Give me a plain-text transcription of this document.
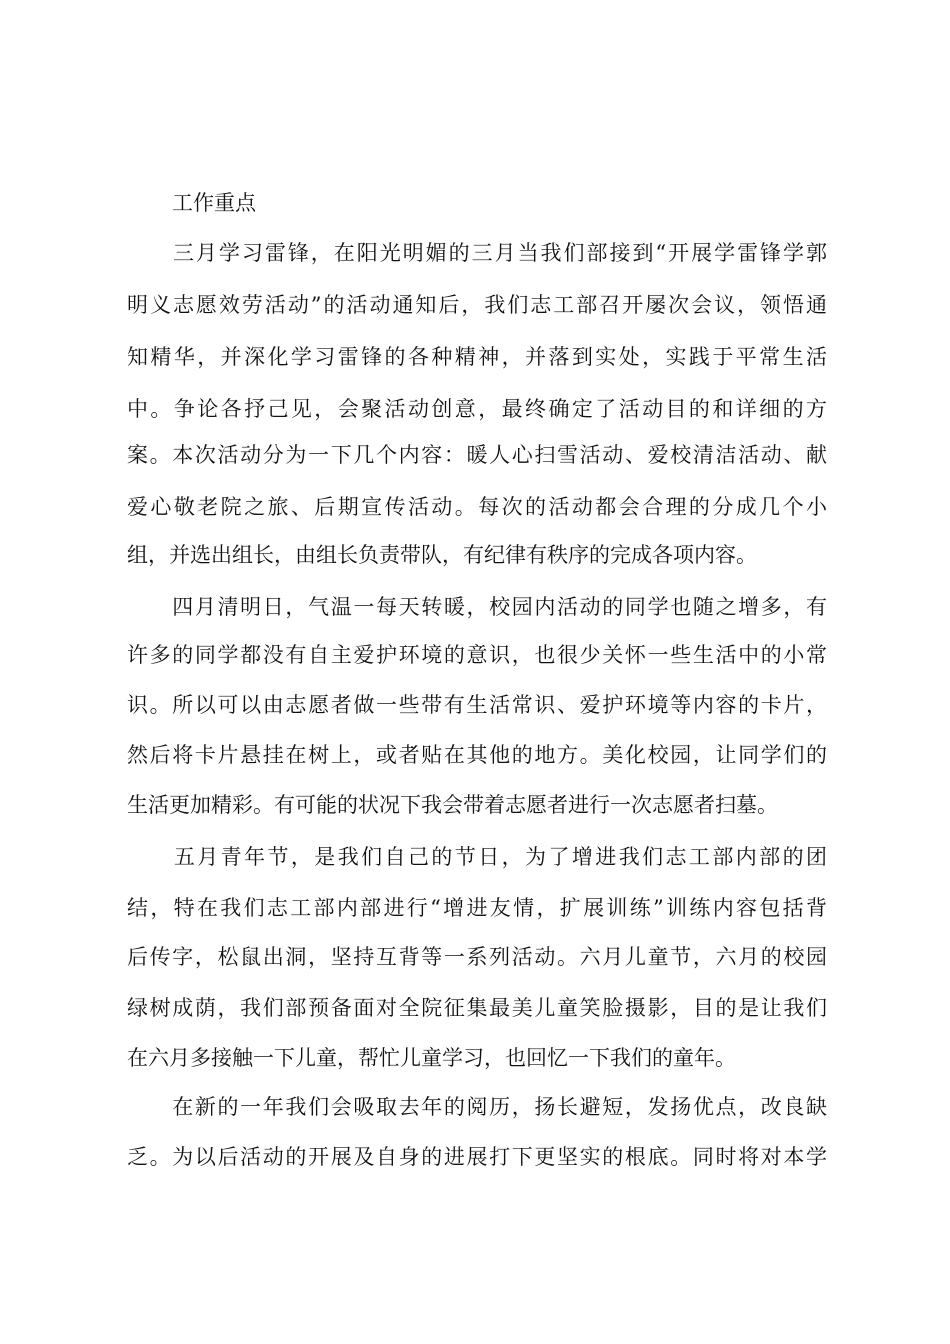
工作重点
　　三月学习雷锋，在阳光明媚的三月当我们部接到“开展学雷锋学郭
明义志愿效劳活动”的活动通知后，我们志工部召开屡次会议，领悟通
知精华，并深化学习雷锋的各种精神，并落到实处，实践于平常生活
中。争论各抒己见，会聚活动创意，最终确定了活动目的和详细的方
案。本次活动分为一下几个内容：暖人心扫雪活动、爱校清洁活动、献
爱心敬老院之旅、后期宣传活动。每次的活动都会合理的分成几个小
组，并选出组长，由组长负责带队，有纪律有秩序的完成各项内容。
　　四月清明日，气温一每天转暖，校园内活动的同学也随之增多，有
许多的同学都没有自主爱护环境的意识，也很少关怀一些生活中的小常
识。所以可以由志愿者做一些带有生活常识、爱护环境等内容的卡片，
然后将卡片悬挂在树上，或者贴在其他的地方。美化校园，让同学们的
生活更加精彩。有可能的状况下我会带着志愿者进行一次志愿者扫墓。
　　五月青年节，是我们自己的节日，为了增进我们志工部内部的团
结，特在我们志工部内部进行“增进友情，扩展训练”训练内容包括背
后传字，松鼠出洞，坚持互背等一系列活动。六月儿童节，六月的校园
绿树成荫，我们部预备面对全院征集最美儿童笑脸摄影，目的是让我们
在六月多接触一下儿童，帮忙儿童学习，也回忆一下我们的童年。
　　在新的一年我们会吸取去年的阅历，扬长避短，发扬优点，改良缺
乏。为以后活动的开展及自身的进展打下更坚实的根底。同时将对本学
